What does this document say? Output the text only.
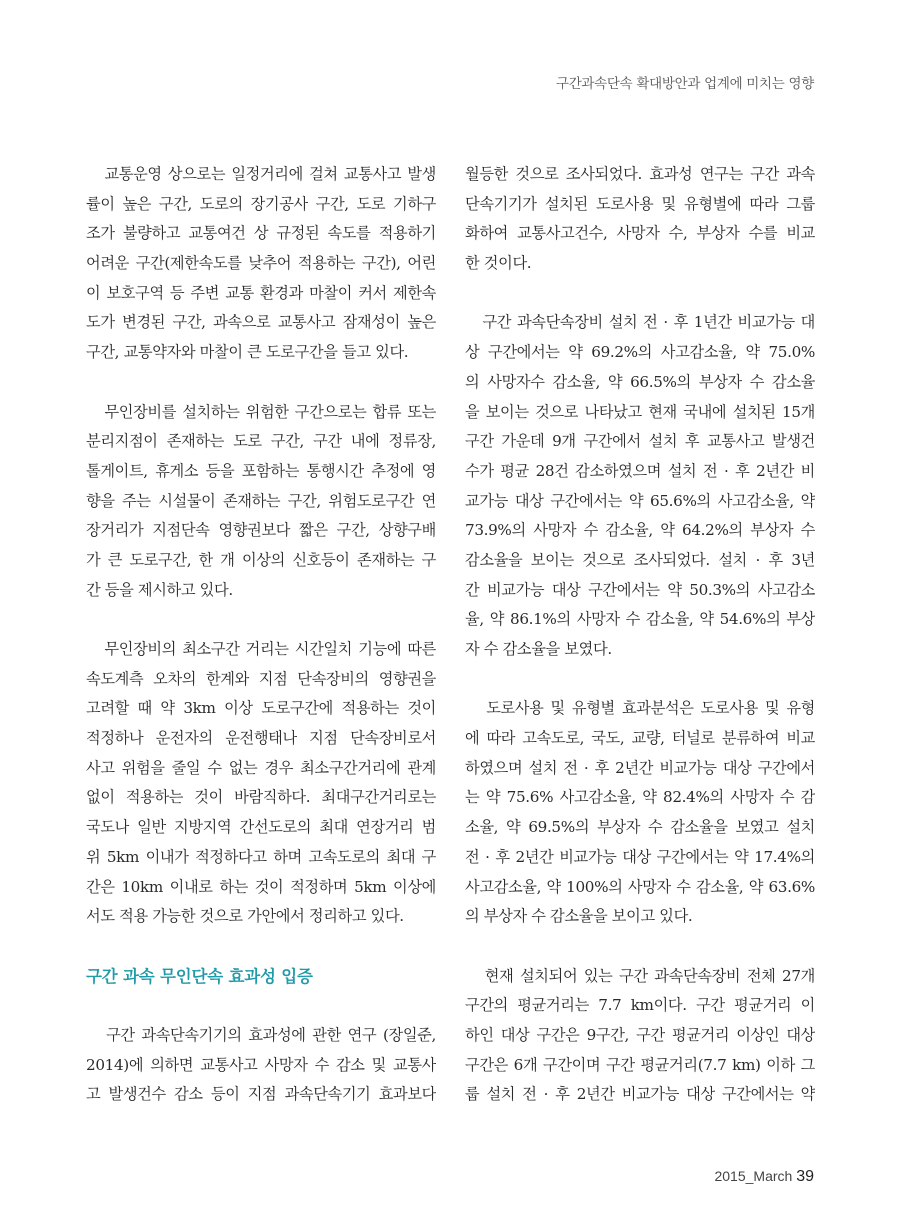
구간과속단속 확대방안과 업계에 미치는 영향
교통운영 상으로는 일정거리에 걸쳐 교통사고 발생
률이 높은 구간, 도로의 장기공사 구간, 도로 기하구
조가 불량하고 교통여건 상 규정된 속도를 적용하기
어려운 구간(제한속도를 낮추어 적용하는 구간), 어린
이 보호구역 등 주변 교통 환경과 마찰이 커서 제한속
도가 변경된 구간, 과속으로 교통사고 잠재성이 높은
구간, 교통약자와 마찰이 큰 도로구간을 들고 있다.
무인장비를 설치하는 위험한 구간으로는 합류 또는
분리지점이 존재하는 도로 구간, 구간 내에 정류장,
톨게이트, 휴게소 등을 포함하는 통행시간 추정에 영
향을 주는 시설물이 존재하는 구간, 위험도로구간 연
장거리가 지점단속 영향권보다 짧은 구간, 상향구배
가 큰 도로구간, 한 개 이상의 신호등이 존재하는 구
간 등을 제시하고 있다.
무인장비의 최소구간 거리는 시간일치 기능에 따른
속도계측 오차의 한계와 지점 단속장비의 영향권을
고려할 때 약 3km 이상 도로구간에 적용하는 것이
적정하나 운전자의 운전행태나 지점 단속장비로서
사고 위험을 줄일 수 없는 경우 최소구간거리에 관계
없이 적용하는 것이 바람직하다. 최대구간거리로는
국도나 일반 지방지역 간선도로의 최대 연장거리 범
위 5km 이내가 적정하다고 하며 고속도로의 최대 구
간은 10km 이내로 하는 것이 적정하며 5km 이상에
서도 적용 가능한 것으로 가안에서 정리하고 있다.
구간 과속 무인단속 효과성 입증
구간 과속단속기기의 효과성에 관한 연구 (장일준,
2014)에 의하면 교통사고 사망자 수 감소 및 교통사
고 발생건수 감소 등이 지점 과속단속기기 효과보다
월등한 것으로 조사되었다. 효과성 연구는 구간 과속
단속기기가 설치된 도로사용 및 유형별에 따라 그룹
화하여 교통사고건수, 사망자 수, 부상자 수를 비교
한 것이다.
구간 과속단속장비 설치 전 · 후 1년간 비교가능 대
상 구간에서는 약 69.2%의 사고감소율, 약 75.0%
의 사망자수 감소율, 약 66.5%의 부상자 수 감소율
을 보이는 것으로 나타났고 현재 국내에 설치된 15개
구간 가운데 9개 구간에서 설치 후 교통사고 발생건
수가 평균 28건 감소하였으며 설치 전 · 후 2년간 비
교가능 대상 구간에서는 약 65.6%의 사고감소율, 약
73.9%의 사망자 수 감소율, 약 64.2%의 부상자 수
감소율을 보이는 것으로 조사되었다. 설치 · 후 3년
간 비교가능 대상 구간에서는 약 50.3%의 사고감소
율, 약 86.1%의 사망자 수 감소율, 약 54.6%의 부상
자 수 감소율을 보였다.
도로사용 및 유형별 효과분석은 도로사용 및 유형
에 따라 고속도로, 국도, 교량, 터널로 분류하여 비교
하였으며 설치 전 · 후 2년간 비교가능 대상 구간에서
는 약 75.6% 사고감소율, 약 82.4%의 사망자 수 감
소율, 약 69.5%의 부상자 수 감소율을 보였고 설치
전 · 후 2년간 비교가능 대상 구간에서는 약 17.4%의
사고감소율, 약 100%의 사망자 수 감소율, 약 63.6%
의 부상자 수 감소율을 보이고 있다.
현재 설치되어 있는 구간 과속단속장비 전체 27개
구간의 평균거리는 7.7 km이다. 구간 평균거리 이
하인 대상 구간은 9구간, 구간 평균거리 이상인 대상
구간은 6개 구간이며 구간 평균거리(7.7 km) 이하 그
룹 설치 전 · 후 2년간 비교가능 대상 구간에서는 약
2015_March 39
